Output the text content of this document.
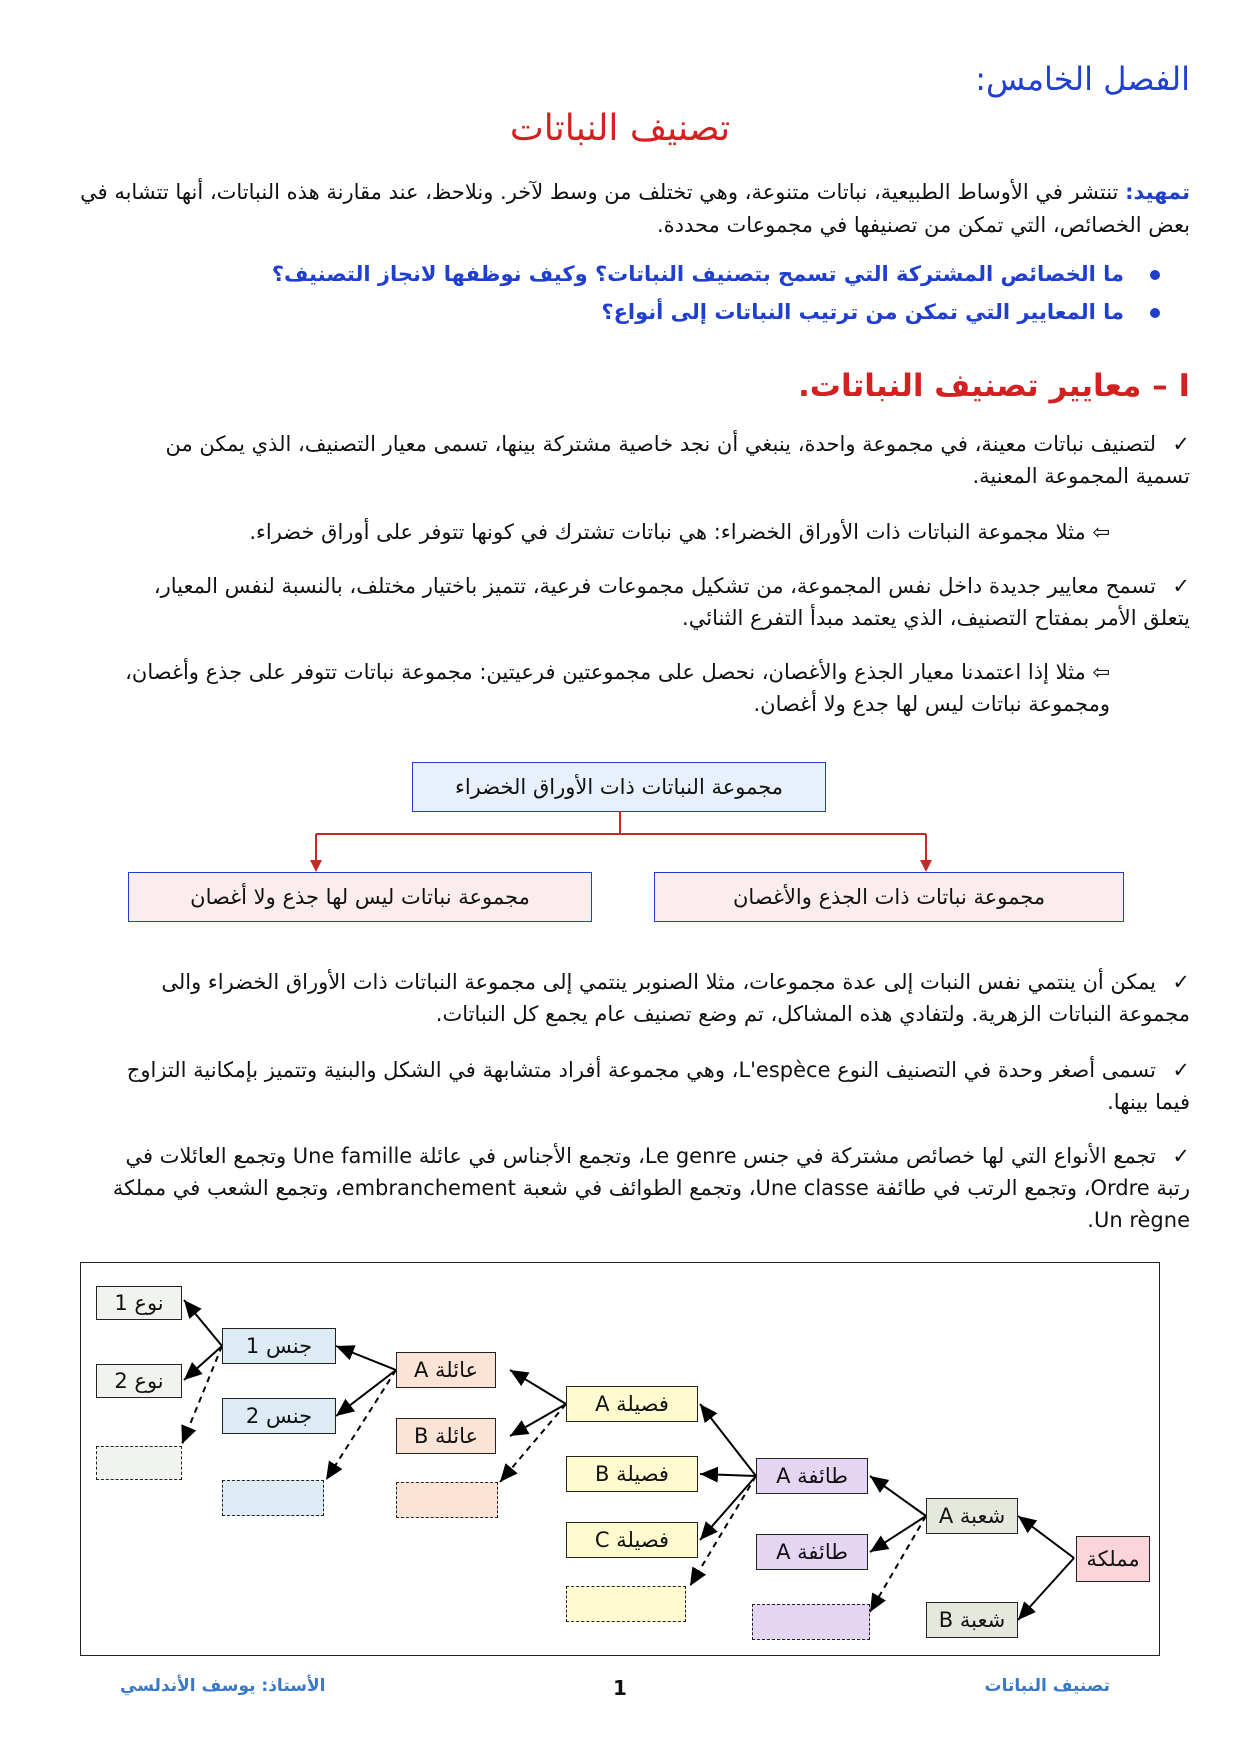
الفصل الخامس:
تصنيف النباتات
تمهيد: تنتشر في الأوساط الطبيعية، نباتات متنوعة، وهي تختلف من وسط لآخر. ونلاحظ، عند مقارنة هذه النباتات، أنها تتشابه في بعض الخصائص، التي تمكن من تصنيفها في مجموعات محددة.
ما الخصائص المشتركة التي تسمح بتصنيف النباتات؟ وكيف نوظفها لانجاز التصنيف؟
ما المعايير التي تمكن من ترتيب النباتات إلى أنواع؟
I – معايير تصنيف النباتات.
✓لتصنيف نباتات معينة، في مجموعة واحدة، ينبغي أن نجد خاصية مشتركة بينها، تسمى معيار التصنيف، الذي يمكن من تسمية المجموعة المعنية.
⇦ مثلا مجموعة النباتات ذات الأوراق الخضراء: هي نباتات تشترك في كونها تتوفر على أوراق خضراء.
✓تسمح معايير جديدة داخل نفس المجموعة، من تشكيل مجموعات فرعية، تتميز باختيار مختلف، بالنسبة لنفس المعيار، يتعلق الأمر بمفتاح التصنيف، الذي يعتمد مبدأ التفرع الثنائي.
⇦ مثلا إذا اعتمدنا معيار الجذع والأغصان، نحصل على مجموعتين فرعيتين: مجموعة نباتات تتوفر على جذع وأغصان، ومجموعة نباتات ليس لها جدع ولا أغصان.
مجموعة النباتات ذات الأوراق الخضراء
مجموعة نباتات ليس لها جذع ولا أغصان	مجموعة نباتات ذات الجذع والأغصان
✓يمكن أن ينتمي نفس النبات إلى عدة مجموعات، مثلا الصنوبر ينتمي إلى مجموعة النباتات ذات الأوراق الخضراء والى مجموعة النباتات الزهرية. ولتفادي هذه المشاكل، تم وضع تصنيف عام يجمع كل النباتات.
✓تسمى أصغر وحدة في التصنيف النوع L'espèce، وهي مجموعة أفراد متشابهة في الشكل والبنية وتتميز بإمكانية التزاوج فيما بينها.
✓تجمع الأنواع التي لها خصائص مشتركة في جنس Le genre، وتجمع الأجناس في عائلة Une famille وتجمع العائلات في رتبة Ordre، وتجمع الرتب في طائفة Une classe، وتجمع الطوائف في شعبة embranchement، وتجمع الشعب في مملكة Un règne.
نوع 1
نوع 2
جنس 1
جنس 2
عائلة A
عائلة B
فصيلة A
فصيلة B
فصيلة C
طائفة A
طائفة A
شعبة A
شعبة B
مملكة
الأستاذ: يوسف الأندلسي	1	تصنيف النباتات
